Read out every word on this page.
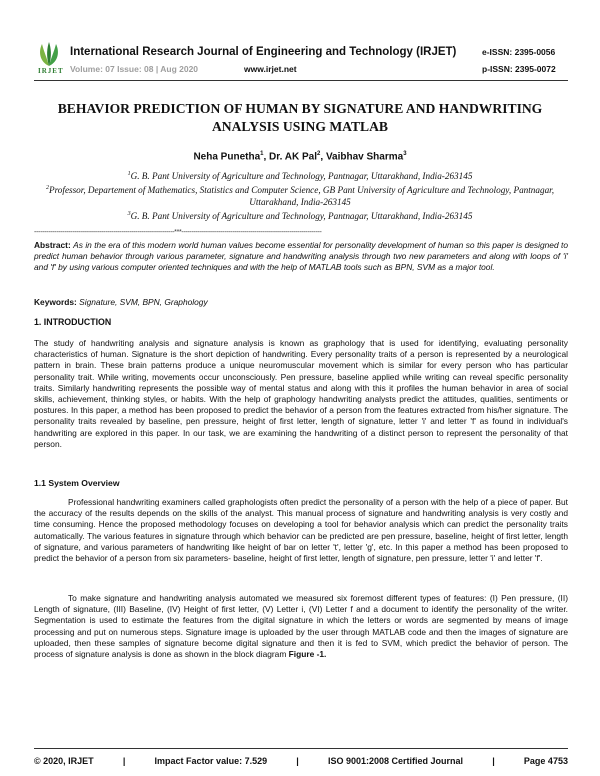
IRJET
International Research Journal of Engineering and Technology (IRJET)
Volume: 07 Issue: 08 | Aug 2020	www.irjet.net
e-ISSN: 2395-0056
p-ISSN: 2395-0072
BEHAVIOR PREDICTION OF HUMAN BY SIGNATURE AND HANDWRITING
ANALYSIS USING MATLAB
Neha Punetha$^1$, Dr. AK Pal$^2$, Vaibhav Sharma$^3$
$^1$G. B. Pant University of Agriculture and Technology, Pantnagar, Uttarakhand, India-263145
$^2$Professor, Departement of Mathematics, Statistics and Computer Science, GB Pant University of Agriculture and Technology, Pantnagar, Uttarakhand, India-263145
$^3$G. B. Pant University of Agriculture and Technology, Pantnagar, Uttarakhand, India-263145
---------------------------------------------------------------------***---------------------------------------------------------------------
Abstract: As in the era of this modern world human values become essential for personality development of human so this paper is designed to predict human behavior through various parameter, signature and handwriting analysis through two new parameters and along with loops of 'i' and 'f' by using various computer oriented techniques and with the help of MATLAB tools such as BPN, SVM as a major tool.
Keywords: Signature, SVM, BPN, Graphology
1. INTRODUCTION
The study of handwriting analysis and signature analysis is known as graphology that is used for identifying, evaluating personality characteristics of human. Signature is the short depiction of handwriting. Every personality traits of a person is represented by a neurological pattern in brain. These brain patterns produce a unique neuromuscular movement which is similar for every person who has particular personality trait. While writing, movements occur unconsciously. Pen pressure, baseline applied while writing can reveal specific personality traits. Similarly handwriting represents the possible way of mental status and along with this it profiles the human behavior in area of social skills, achievement, thinking styles, or habits. With the help of graphology handwriting analysts predict the attitudes, qualities, sentiments or postures. In this paper, a method has been proposed to predict the behavior of a person from the features extracted from his/her signature. The personality traits revealed by baseline, pen pressure, height of first letter, length of signature, letter 'i' and letter 'f' as found in individual's handwriting are explored in this paper. In our task, we are examining the handwriting of a distinct person to represent the personality of that person.
1.1 System Overview
Professional handwriting examiners called graphologists often predict the personality of a person with the help of a piece of paper. But the accuracy of the results depends on the skills of the analyst. This manual process of signature and handwriting analysis is very costly and time consuming. Hence the proposed methodology focuses on developing a tool for behavior analysis which can predict the personality traits automatically. The various features in signature through which behavior can be predicted are pen pressure, baseline, height of first letter, length of signature, and various parameters of handwriting like height of bar on letter 't', letter 'g', etc. In this paper a method has been proposed to predict the behavior of a person from six parameters- baseline, height of first letter, length of signature, pen pressure, letter 'i' and letter 'f'.
To make signature and handwriting analysis automated we measured six foremost different types of features: (I) Pen pressure, (II) Length of signature, (III) Baseline, (IV) Height of first letter, (V) Letter i, (VI) Letter f and a document to identify the personality of the writer. Segmentation is used to estimate the features from the digital signature in which the letters or words are segmented by means of image processing and put on numerous steps. Signature image is uploaded by the user through MATLAB code and then the images of signature are uploaded, then these samples of signature become digital signature and then it is fed to SVM, which predict the behavior of person. The process of signature analysis is done as shown in the block diagram Figure -1.
© 2020, IRJET	|	Impact Factor value: 7.529	|	ISO 9001:2008 Certified Journal	|	Page 4753
